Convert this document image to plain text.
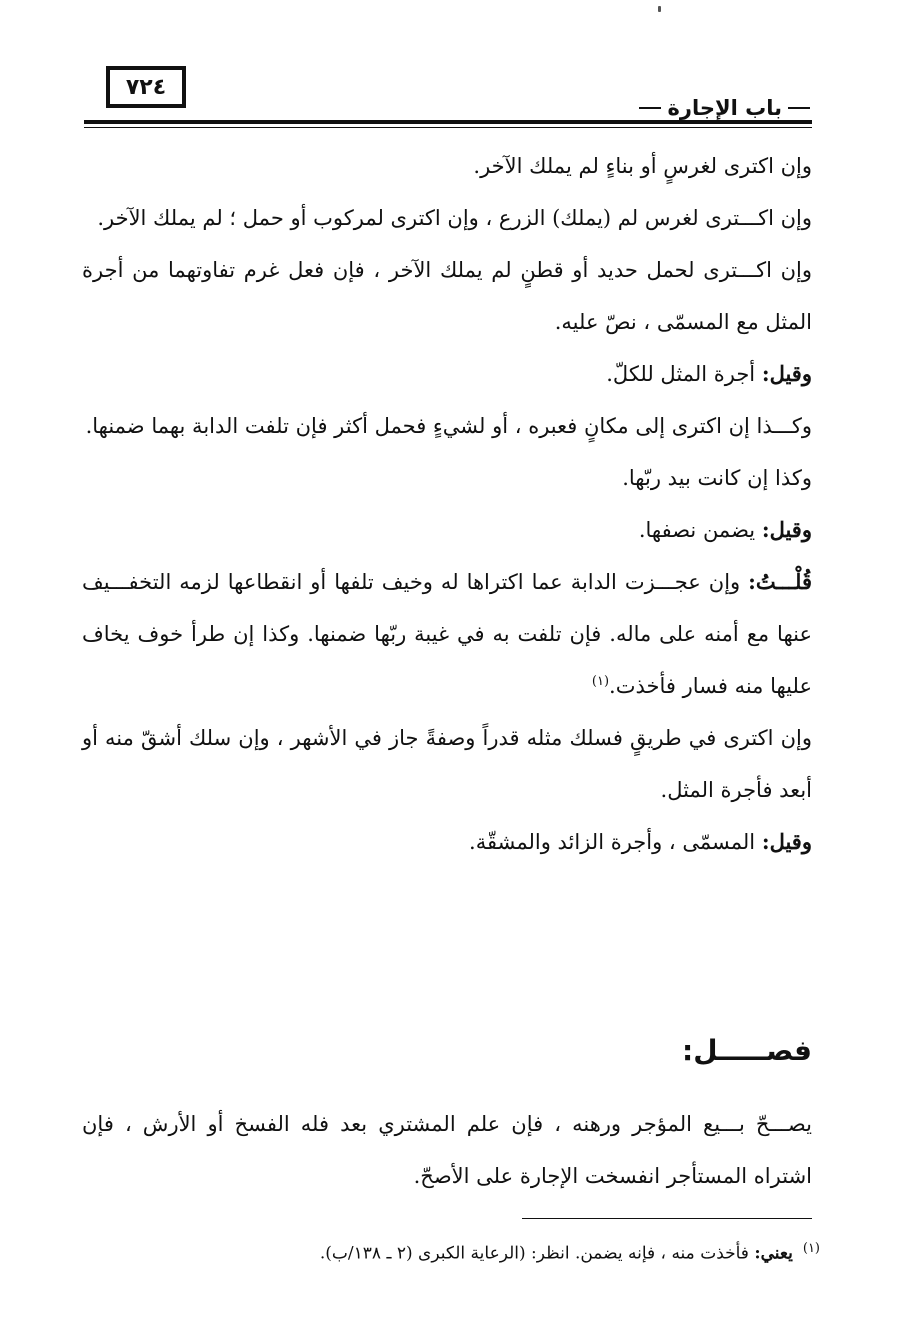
٧٢٤
باب الإجارة

وإن اكترى لغرسٍ أو بناءٍ لم يملك الآخر.

وإن اكـــترى لغرس لم (يملك) الزرع ، وإن اكترى لمركوب أو حمل ؛ لم يملك الآخر.

وإن اكـــترى لحمل حديد أو قطنٍ لم يملك الآخر ، فإن فعل غرم تفاوتهما من أجرة المثل مع المسمّى ، نصّ عليه.

وقيل: أجرة المثل للكلّ.

وكـــذا إن اكترى إلى مكانٍ فعبره ، أو لشيءٍ فحمل أكثر فإن تلفت الدابة بهما ضمنها.

وكذا إن كانت بيد ربّها.

وقيل: يضمن نصفها.

قُلْـــتُ: وإن عجـــزت الدابة عما اكتراها له وخيف تلفها أو انقطاعها لزمه التخفـــيف عنها مع أمنه على ماله. فإن تلفت به في غيبة ربّها ضمنها. وكذا إن طرأ خوف يخاف عليها منه فسار فأخذت.$^{(١)}$

وإن اكترى في طريقٍ فسلك مثله قدراً وصفةً جاز في الأشهر ، وإن سلك أشقّ منه أو أبعد فأجرة المثل.

وقيل: المسمّى ، وأجرة الزائد والمشقّة.

فصـــــل:

يصـــحّ بـــيع المؤجر ورهنه ، فإن علم المشتري بعد فله الفسخ أو الأرش ، فإن اشتراه المستأجر انفسخت الإجارة على الأصحّ.

$^{(١)}$يعني: فأخذت منه ، فإنه يضمن. انظر: (الرعاية الكبرى (٢ ـ ١٣٨/ب).
